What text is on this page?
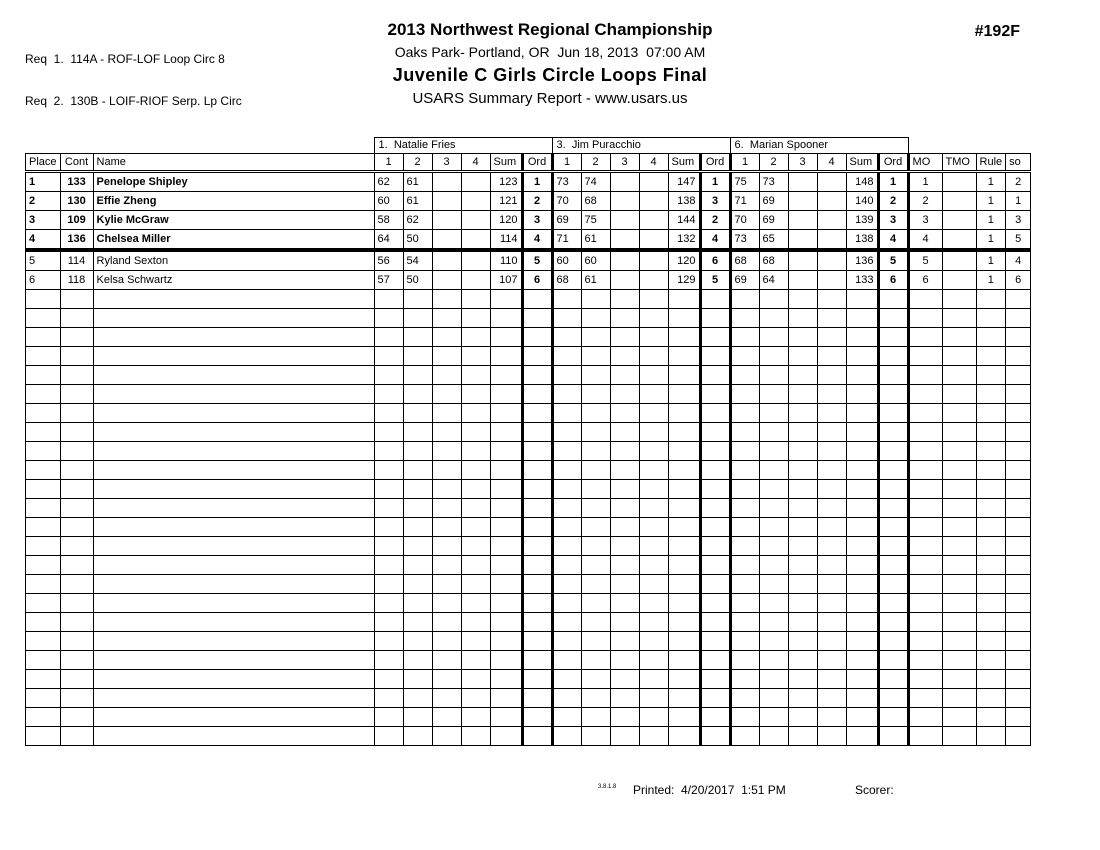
Req  1.  114A - ROF-LOF Loop Circ 8

Req  2.  130B - LOIF-RIOF Serp. Lp Circ

#192F
2013 Northwest Regional Championship
Oaks Park- Portland, OR  Jun 18, 2013  07:00 AM
Juvenile C Girls Circle Loops Final
USARS Summary Report - www.usars.us
			1.  Natalie Fries						3.  Jim Puracchio						6.  Marian Spooner									
Place	Cont	Name	1	2	3	4	Sum	Ord	1	2	3	4	Sum	Ord	1	2	3	4	Sum	Ord	MO	TMO	Rule	so
1	133	Penelope Shipley	62	61			123	1	73	74			147	1	75	73			148	1	1		1	2
2	130	Effie Zheng	60	61			121	2	70	68			138	3	71	69			140	2	2		1	1
3	109	Kylie McGraw	58	62			120	3	69	75			144	2	70	69			139	3	3		1	3
4	136	Chelsea Miller	64	50			114	4	71	61			132	4	73	65			138	4	4		1	5
5	114	Ryland Sexton	56	54			110	5	60	60			120	6	68	68			136	5	5		1	4
6	118	Kelsa Schwartz	57	50			107	6	68	61			129	5	69	64			133	6	6		1	6

3.8.1.8 Printed:  4/20/2017  1:51 PM	Scorer:
